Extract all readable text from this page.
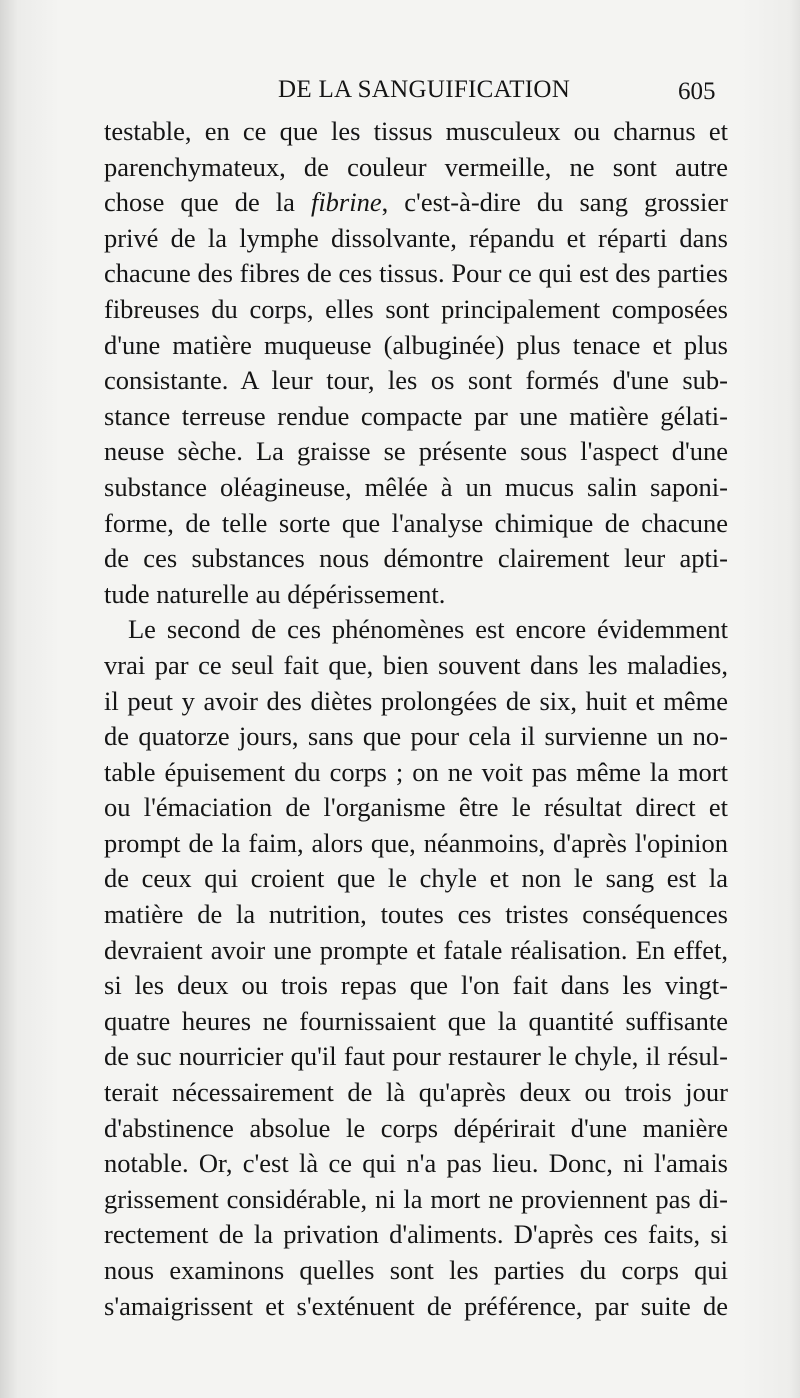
DE LA SANGUIFICATION	605
testable, en ce que les tissus musculeux ou charnus et
parenchymateux, de couleur vermeille, ne sont autre
chose que de la fibrine, c'est-à-dire du sang grossier
privé de la lymphe dissolvante, répandu et réparti dans
chacune des fibres de ces tissus. Pour ce qui est des parties
fibreuses du corps, elles sont principalement composées
d'une matière muqueuse (albuginée) plus tenace et plus
consistante. A leur tour, les os sont formés d'une sub-
stance terreuse rendue compacte par une matière gélati-
neuse sèche. La graisse se présente sous l'aspect d'une
substance oléagineuse, mêlée à un mucus salin saponi-
forme, de telle sorte que l'analyse chimique de chacune
de ces substances nous démontre clairement leur apti-
tude naturelle au dépérissement.
Le second de ces phénomènes est encore évidemment
vrai par ce seul fait que, bien souvent dans les maladies,
il peut y avoir des diètes prolongées de six, huit et même
de quatorze jours, sans que pour cela il survienne un no-
table épuisement du corps ; on ne voit pas même la mort
ou l'émaciation de l'organisme être le résultat direct et
prompt de la faim, alors que, néanmoins, d'après l'opinion
de ceux qui croient que le chyle et non le sang est la
matière de la nutrition, toutes ces tristes conséquences
devraient avoir une prompte et fatale réalisation. En effet,
si les deux ou trois repas que l'on fait dans les vingt-
quatre heures ne fournissaient que la quantité suffisante
de suc nourricier qu'il faut pour restaurer le chyle, il résul-
terait nécessairement de là qu'après deux ou trois jour
d'abstinence absolue le corps dépérirait d'une manière
notable. Or, c'est là ce qui n'a pas lieu. Donc, ni l'amais
grissement considérable, ni la mort ne proviennent pas di-
rectement de la privation d'aliments. D'après ces faits, si
nous examinons quelles sont les parties du corps qui
s'amaigrissent et s'exténuent de préférence, par suite de
